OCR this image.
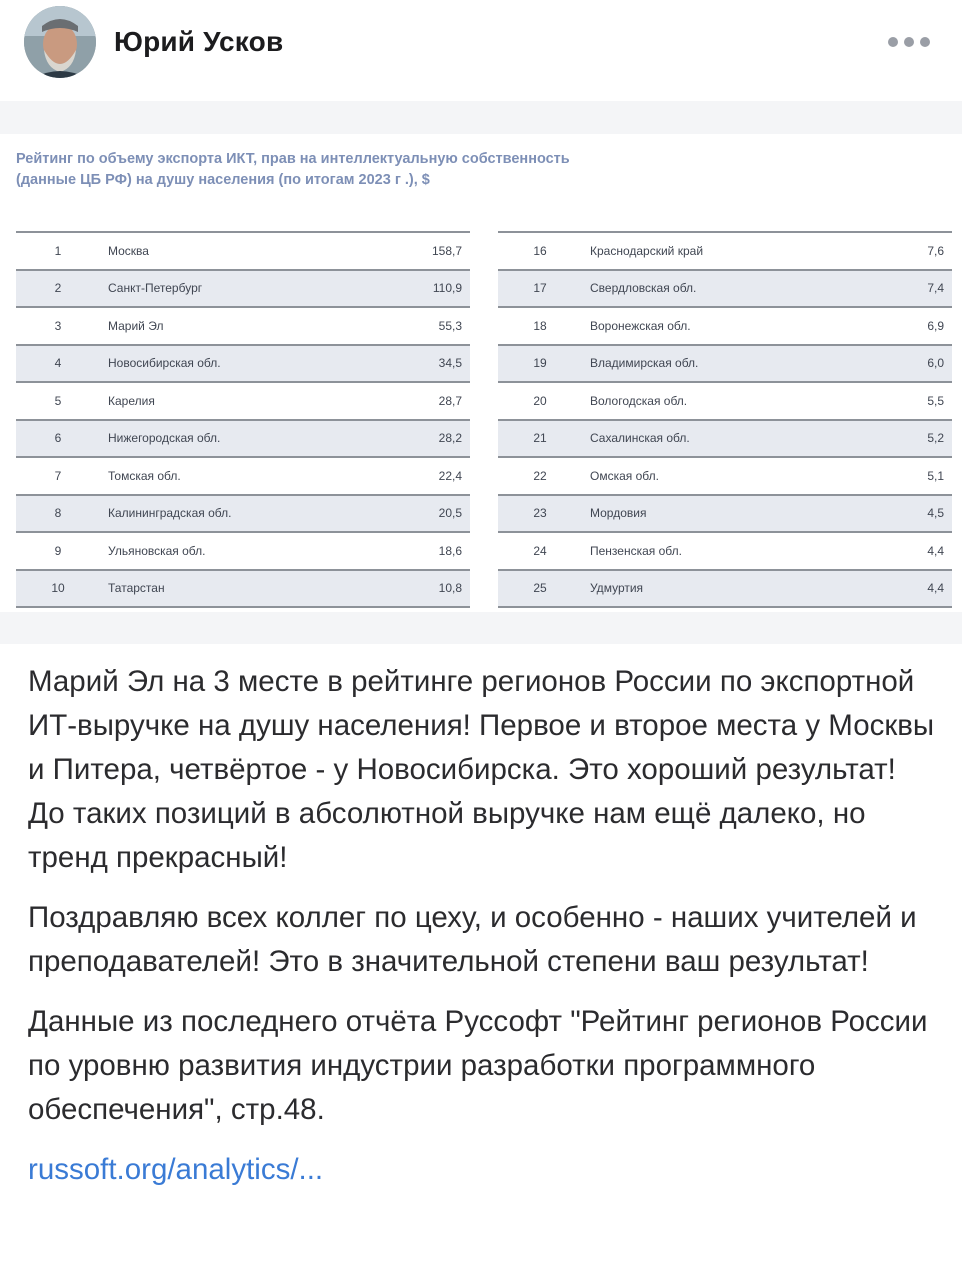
Юрий Усков
Рейтинг по объему экспорта ИКТ, прав на интеллектуальную собственность
(данные ЦБ РФ) на душу населения (по итогам 2023 г .), $
1	Москва	158,7
2	Санкт-Петербург	110,9
3	Марий Эл	55,3
4	Новосибирская обл.	34,5
5	Карелия	28,7
6	Нижегородская обл.	28,2
7	Томская обл.	22,4
8	Калининградская обл.	20,5
9	Ульяновская обл.	18,6
10	Татарстан	10,8
16	Краснодарский край	7,6
17	Свердловская обл.	7,4
18	Воронежская обл.	6,9
19	Владимирская обл.	6,0
20	Вологодская обл.	5,5
21	Сахалинская обл.	5,2
22	Омская обл.	5,1
23	Мордовия	4,5
24	Пензенская обл.	4,4
25	Удмуртия	4,4

Марий Эл на 3 месте в рейтинге регионов России по экспортной ИТ-выручке на душу населения! Первое и второе места у Москвы и Питера, четвёртое - у Новосибирска. Это хороший результат! До таких позиций в абсолютной выручке нам ещё далеко, но тренд прекрасный!

Поздравляю всех коллег по цеху, и особенно - наших учителей и преподавателей! Это в значительной степени ваш результат!

Данные из последнего отчёта Руссофт "Рейтинг регионов России по уровню развития индустрии разработки программного обеспечения", стр.48.

russoft.org/analytics/...
